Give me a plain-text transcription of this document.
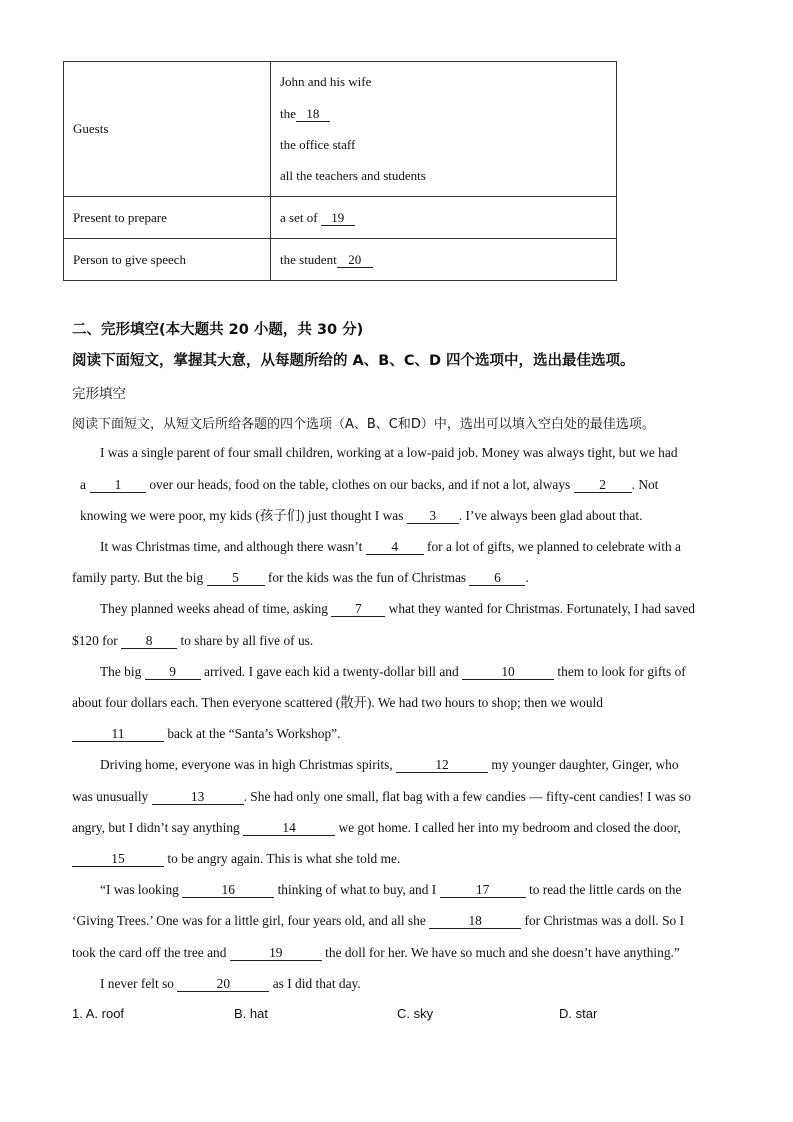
Guests	John and his wife
the 18
the office staff
all the teachers and students

Present to prepare	a set of 19
Person to give speech	the student 20
二、完形填空(本大题共 20 小题，共 30 分)
阅读下面短文，掌握其大意，从每题所给的 A、B、C、D 四个选项中，选出最佳选项。
完形填空
阅读下面短文，从短文后所给各题的四个选项（A、B、C和D）中，选出可以填入空白处的最佳选项。
I was a single parent of four small children, working at a low-paid job. Money was always tight, but we had
a 1 over our heads, food on the table, clothes on our backs, and if not a lot, always 2 . Not
knowing we were poor, my kids (孩子们) just thought I was 3 . I’ve always been glad about that.
It was Christmas time, and although there wasn’t 4 for a lot of gifts, we planned to celebrate with a
family party. But the big 5 for the kids was the fun of Christmas 6 .
They planned weeks ahead of time, asking 7 what they wanted for Christmas. Fortunately, I had saved
$120 for 8 to share by all five of us.
The big 9 arrived. I gave each kid a twenty-dollar bill and	10	them to look for gifts of
about four dollars each. Then everyone scattered (散开). We had two hours to shop; then we would
11	back at the “Santa’s Workshop”.
Driving home, everyone was in high Christmas spirits,	12	my younger daughter, Ginger, who
was unusually	13	. She had only one small, flat bag with a few candies — fifty-cent candies! I was so
angry, but I didn’t say anything	14	we got home. I called her into my bedroom and closed the door,
15	to be angry again. This is what she told me.
“I was looking	16	thinking of what to buy, and I	17	to read the little cards on the
‘Giving Trees.’ One was for a little girl, four years old, and all she	18	for Christmas was a doll. So I
took the card off the tree and	19	the doll for her. We have so much and she doesn’t have anything.”
I never felt so	20	as I did that day.
1. A. roof	B. hat	C. sky	D. star
